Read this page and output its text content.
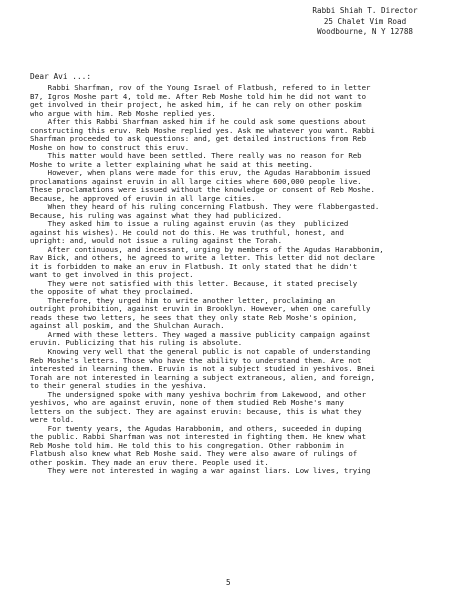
Rabbi Shiah T. Director
25 Chalet Vim Road
Woodbourne, N Y 12788
Dear Avi ...:
Rabbi Sharfman, rov of the Young Israel of Flatbush, refered to in letter
B7, Igros Moshe part 4, told me. After Reb Moshe told him he did not want to
get involved in their project, he asked him, if he can rely on other poskim
who argue with him. Reb Moshe replied yes.
After this Rabbi Sharfman asked him if he could ask some questions about
constructing this eruv. Reb Moshe replied yes. Ask me whatever you want. Rabbi
Sharfman proceeded to ask questions: and, get detailed instructions from Reb
Moshe on how to construct this eruv.
This matter would have been settled. There really was no reason for Reb
Moshe to write a letter explaining what he said at this meeting.
However, when plans were made for this eruv, the Agudas Harabbonim issued
proclamations against eruvin in all large cities where 600,000 people live.
These proclamations were issued without the knowledge or consent of Reb Moshe.
Because, he approved of eruvin in all large cities.
When they heard of his ruling concerning Flatbush. They were flabbergasted.
Because, his ruling was against what they had publicized.
They asked him to issue a ruling against eruvin (as they  publicized
against his wishes). He could not do this. He was truthful, honest, and
upright: and, would not issue a ruling against the Torah.
After continuous, and incessant, urging by members of the Agudas Harabbonim,
Rav Bick, and others, he agreed to write a letter. This letter did not declare
it is forbidden to make an eruv in Flatbush. It only stated that he didn't
want to get involved in this project.
They were not satisfied with this letter. Because, it stated precisely
the opposite of what they proclaimed.
Therefore, they urged him to write another letter, proclaiming an
outright prohibition, against eruvin in Brooklyn. However, when one carefully
reads these two letters, he sees that they only state Reb Moshe's opinion,
against all poskim, and the Shulchan Aurach.
Armed with these letters. They waged a massive publicity campaign against
eruvin. Publicizing that his ruling is absolute.
Knowing very well that the general public is not capable of understanding
Reb Moshe's letters. Those who have the ability to understand them. Are not
interested in learning them. Eruvin is not a subject studied in yeshivos. Bnei
Torah are not interested in learning a subject extraneous, alien, and foreign,
to their general studies in the yeshiva.
The undersigned spoke with many yeshiva bochrim from Lakewood, and other
yeshivos, who are against eruvin, none of them studied Reb Moshe's many
letters on the subject. They are against eruvin: because, this is what they
were told.
For twenty years, the Agudas Harabbonim, and others, suceeded in duping
the public. Rabbi Sharfman was not interested in fighting them. He knew what
Reb Moshe told him. He told this to his congregation. Other rabbonim in
Flatbush also knew what Reb Moshe said. They were also aware of rulings of
other poskim. They made an eruv there. People used it.
They were not interested in waging a war against liars. Low lives, trying
5
